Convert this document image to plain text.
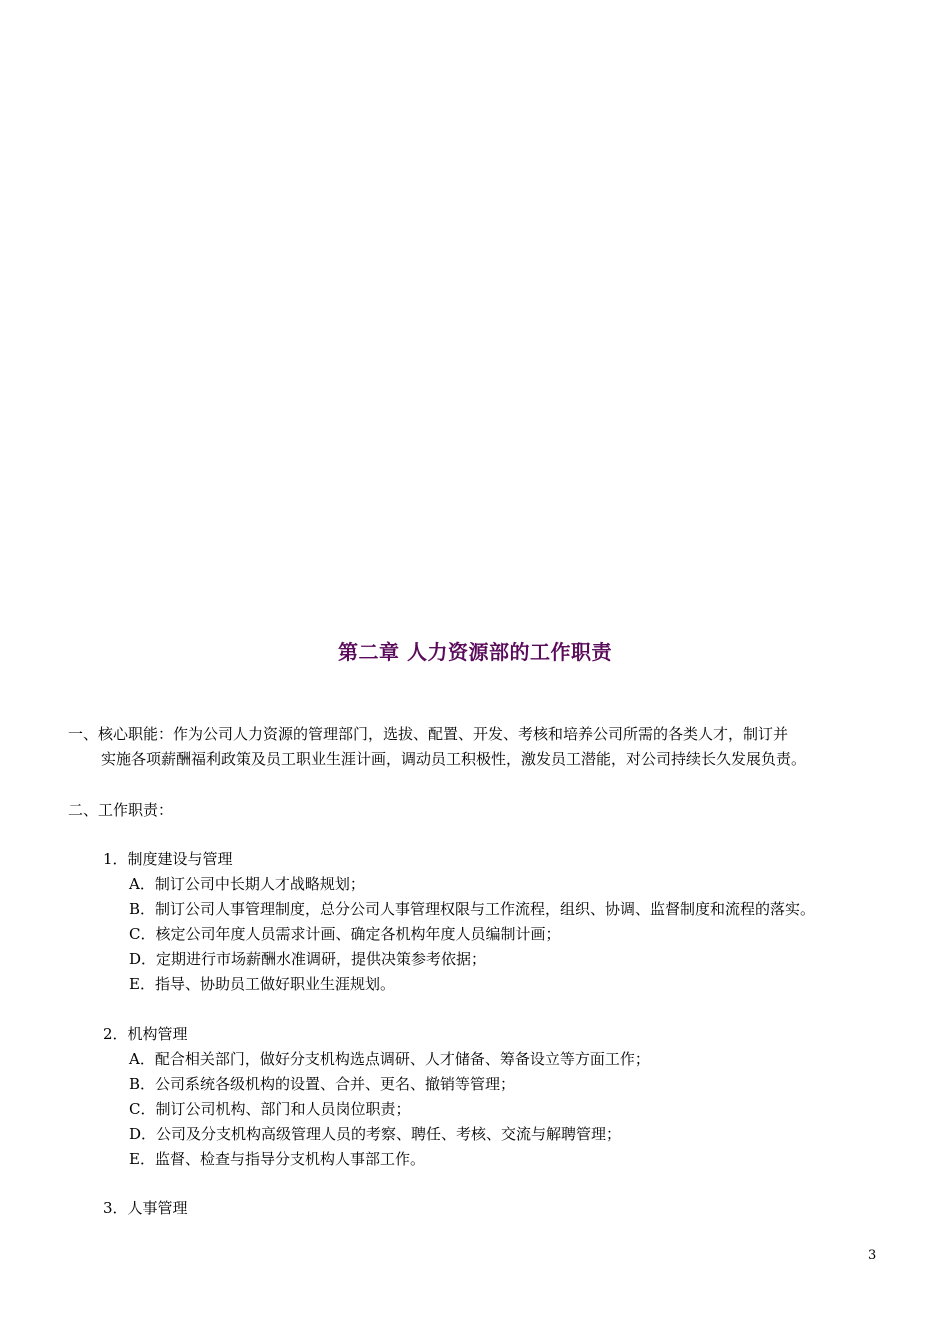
第二章 人力资源部的工作职责
一、核心职能：作为公司人力资源的管理部门，选拔、配置、开发、考核和培养公司所需的各类人才，制订并
实施各项薪酬福利政策及员工职业生涯计画，调动员工积极性，激发员工潜能，对公司持续长久发展负责。
二、工作职责：
1．制度建设与管理
A．制订公司中长期人才战略规划；
B．制订公司人事管理制度，总分公司人事管理权限与工作流程，组织、协调、监督制度和流程的落实。
C．核定公司年度人员需求计画、确定各机构年度人员编制计画；
D．定期进行市场薪酬水准调研，提供决策参考依据；
E．指导、协助员工做好职业生涯规划。
2．机构管理
A．配合相关部门，做好分支机构选点调研、人才储备、筹备设立等方面工作；
B．公司系统各级机构的设置、合并、更名、撤销等管理；
C．制订公司机构、部门和人员岗位职责；
D．公司及分支机构高级管理人员的考察、聘任、考核、交流与解聘管理；
E．监督、检查与指导分支机构人事部工作。
3．人事管理
3
